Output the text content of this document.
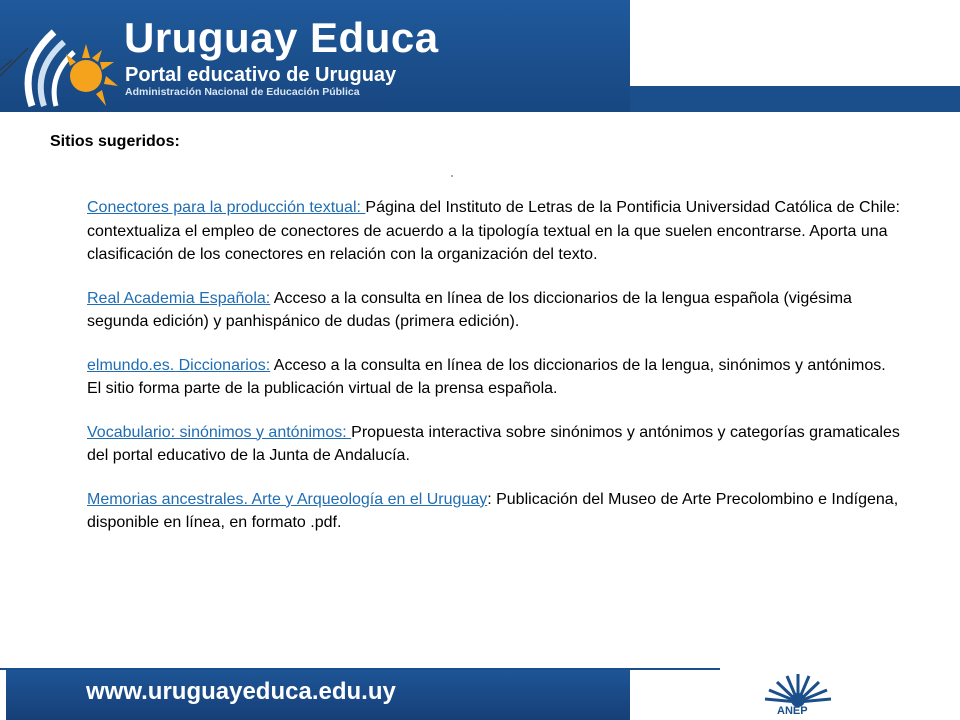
Uruguay Educa
Portal educativo de Uruguay
Administración Nacional de Educación Pública
Sitios sugeridos:
Conectores para la producción textual: Página del Instituto de Letras de la Pontificia Universidad Católica de Chile: contextualiza el empleo de conectores de acuerdo a la tipología textual en la que suelen encontrarse. Aporta una clasificación de los conectores en relación con la organización del texto.
Real Academia Española: Acceso a la consulta en línea de los diccionarios de la lengua española (vigésima segunda edición) y panhispánico de dudas (primera edición).
elmundo.es. Diccionarios: Acceso a la consulta en línea de los diccionarios de la lengua, sinónimos y antónimos. El sitio forma parte de la publicación virtual de la prensa española.
Vocabulario: sinónimos y antónimos: Propuesta interactiva sobre sinónimos y antónimos y categorías gramaticales del portal educativo de la Junta de Andalucía.
Memorias ancestrales. Arte y Arqueología en el Uruguay: Publicación del Museo de Arte Precolombino e Indígena, disponible en línea, en formato .pdf.
www.uruguayeduca.edu.uy
ANEP
